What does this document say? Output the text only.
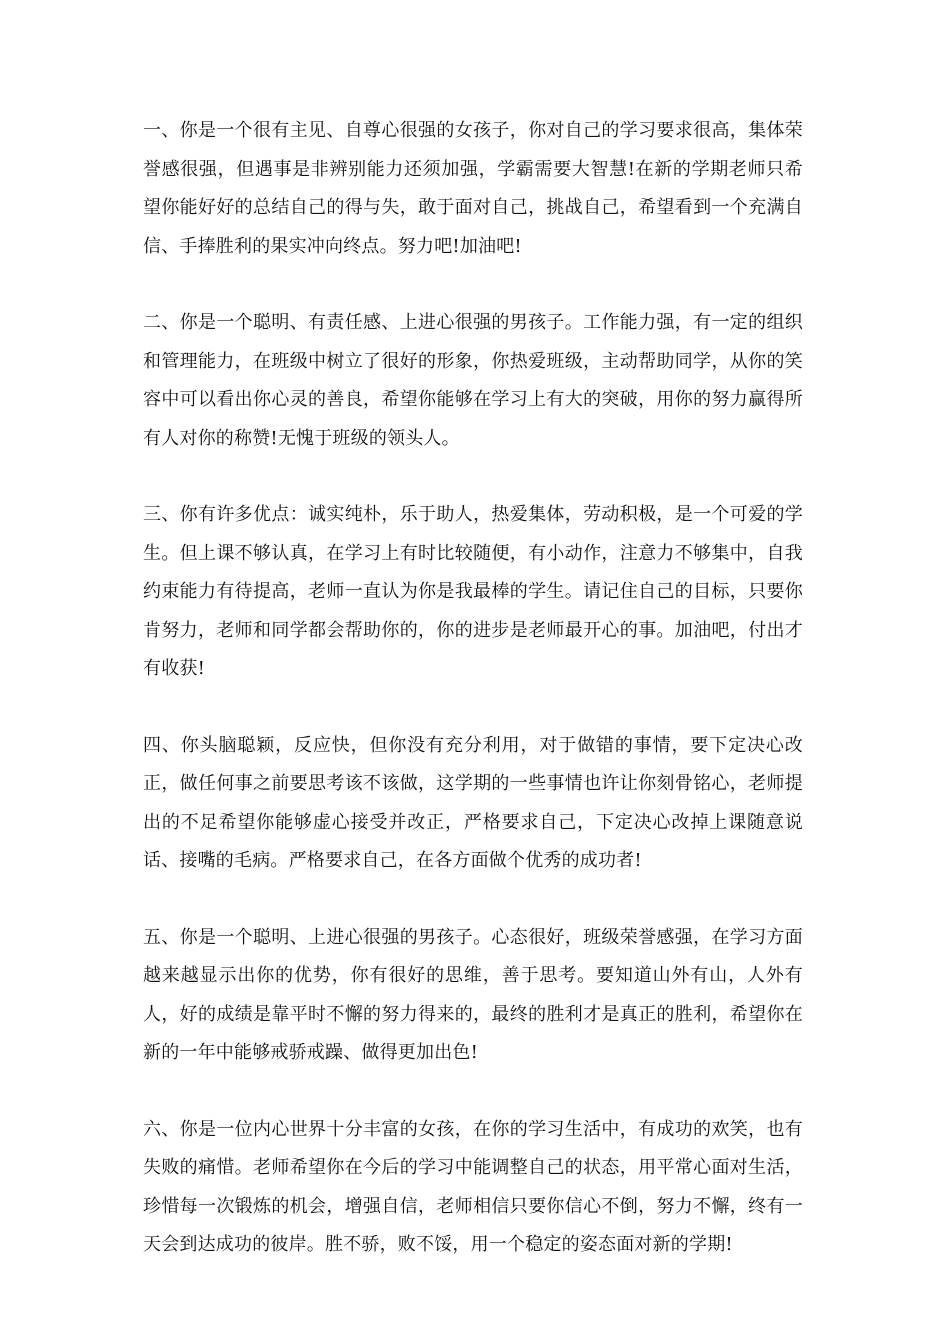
一、你是一个很有主见、自尊心很强的女孩子，你对自己的学习要求很高，集体荣誉感很强，但遇事是非辨别能力还须加强，学霸需要大智慧!在新的学期老师只希望你能好好的总结自己的得与失，敢于面对自己，挑战自己，希望看到一个充满自信、手捧胜利的果实冲向终点。努力吧!加油吧!

二、你是一个聪明、有责任感、上进心很强的男孩子。工作能力强，有一定的组织和管理能力，在班级中树立了很好的形象，你热爱班级，主动帮助同学，从你的笑容中可以看出你心灵的善良，希望你能够在学习上有大的突破，用你的努力赢得所有人对你的称赞!无愧于班级的领头人。

三、你有许多优点：诚实纯朴，乐于助人，热爱集体，劳动积极，是一个可爱的学生。但上课不够认真，在学习上有时比较随便，有小动作，注意力不够集中，自我约束能力有待提高，老师一直认为你是我最棒的学生。请记住自己的目标，只要你肯努力，老师和同学都会帮助你的，你的进步是老师最开心的事。加油吧，付出才有收获!

四、你头脑聪颖，反应快，但你没有充分利用，对于做错的事情，要下定决心改正，做任何事之前要思考该不该做，这学期的一些事情也许让你刻骨铭心，老师提出的不足希望你能够虚心接受并改正，严格要求自己，下定决心改掉上课随意说话、接嘴的毛病。严格要求自己，在各方面做个优秀的成功者!

五、你是一个聪明、上进心很强的男孩子。心态很好，班级荣誉感强，在学习方面越来越显示出你的优势，你有很好的思维，善于思考。要知道山外有山，人外有人，好的成绩是靠平时不懈的努力得来的，最终的胜利才是真正的胜利，希望你在新的一年中能够戒骄戒躁、做得更加出色!

六、你是一位内心世界十分丰富的女孩，在你的学习生活中，有成功的欢笑，也有失败的痛惜。老师希望你在今后的学习中能调整自己的状态，用平常心面对生活，珍惜每一次锻炼的机会，增强自信，老师相信只要你信心不倒，努力不懈，终有一天会到达成功的彼岸。胜不骄，败不馁，用一个稳定的姿态面对新的学期!
